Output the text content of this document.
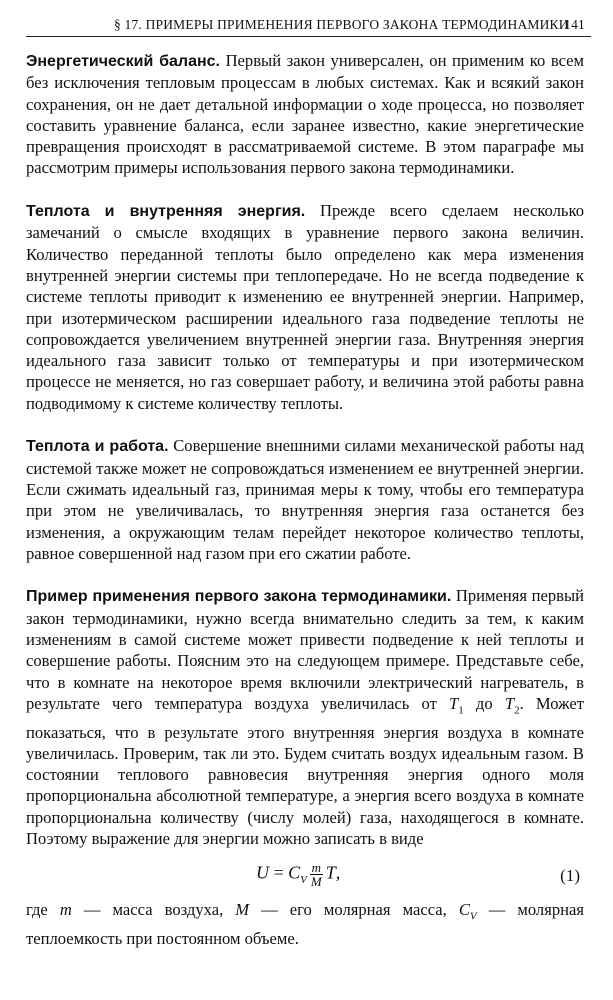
§ 17. ПРИМЕРЫ ПРИМЕНЕНИЯ ПЕРВОГО ЗАКОНА ТЕРМОДИНАМИКИ
141

Энергетический баланс. Первый закон универсален, он применим ко всем без исключения тепловым процессам в любых системах. Как и всякий закон сохранения, он не дает детальной информации о ходе процесса, но позволяет составить уравнение баланса, если заранее известно, какие энергетические превращения происходят в рассматриваемой системе. В этом параграфе мы рассмотрим примеры использования первого закона термодинамики.

Теплота и внутренняя энергия. Прежде всего сделаем несколько замечаний о смысле входящих в уравнение первого закона величин. Количество переданной теплоты было определено как мера изменения внутренней энергии системы при теплопередаче. Но не всегда подведение к системе теплоты приводит к изменению ее внутренней энергии. Например, при изотермическом расширении идеального газа подведение теплоты не сопровождается увеличением внутренней энергии газа. Внутренняя энергия идеального газа зависит только от температуры и при изотермическом процессе не меняется, но газ совершает работу, и величина этой работы равна подводимому к системе количеству теплоты.

Теплота и работа. Совершение внешними силами механической работы над системой также может не сопровождаться изменением ее внутренней энергии. Если сжимать идеальный газ, принимая меры к тому, чтобы его температура при этом не увеличивалась, то внутренняя энергия газа останется без изменения, а окружающим телам перейдет некоторое количество теплоты, равное совершенной над газом при его сжатии работе.

Пример применения первого закона термодинамики. Применяя первый закон термодинамики, нужно всегда внимательно следить за тем, к каким изменениям в самой системе может привести подведение к ней теплоты и совершение работы. Поясним это на следующем примере. Представьте себе, что в комнате на некоторое время включили электрический нагреватель, в результате чего температура воздуха увеличилась от $T_1$ до $T_2$. Может показаться, что в результате этого внутренняя энергия воздуха в комнате увеличилась. Проверим, так ли это. Будем считать воздух идеальным газом. В состоянии теплового равновесия внутренняя энергия одного моля пропорциональна абсолютной температуре, а энергия всего воздуха в комнате пропорциональна количеству (числу молей) газа, находящегося в комнате. Поэтому выражение для энергии можно записать в виде

$U = C_V \frac{m}{M} T$,	(1)

где m — масса воздуха, M — его молярная масса, $C_V$ — молярная теплоемкость при постоянном объеме.
